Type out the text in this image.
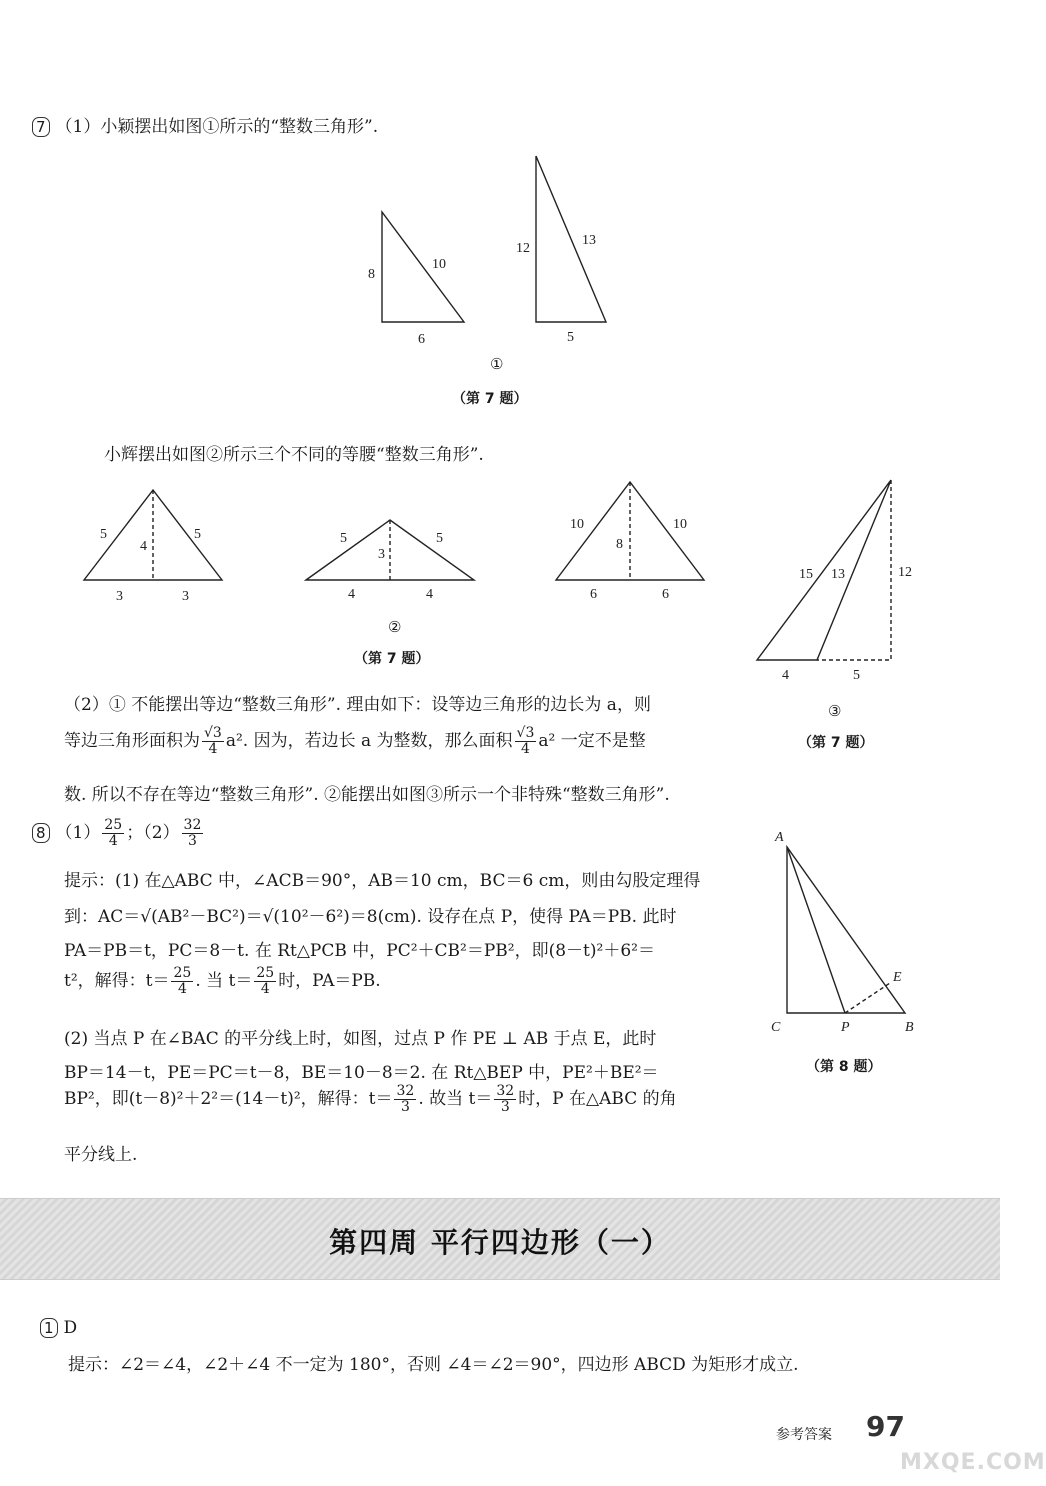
7 （1）小颖摆出如图①所示的“整数三角形”.
8
10
6
12
13
5
①
（第 7 题）
小辉摆出如图②所示三个不同的等腰“整数三角形”.
5	5
4
3	3
5	5
3
4	4
10	10
8
6	6
②
（第 7 题）
15 13	12
4	5
③
（第 7 题）
（2）① 不能摆出等边“整数三角形”. 理由如下：设等边三角形的边长为 a，则
等边三角形面积为 $\frac{√3}{4} a^2$. 因为，若边长 a 为整数，那么面积 $\frac{√3}{4} a^2$ 一定不是整
数. 所以不存在等边“整数三角形”. ②能摆出如图③所示一个非特殊“整数三角形”.
8 $(1) \frac{25}{4}$ ；$(2) \frac{32}{3}$
提示：(1) 在△ABC 中，∠ACB＝90°，AB＝10 cm，BC＝6 cm，则由勾股定理得
到：AC＝√(AB²－BC²)＝√(10²－6²)＝8(cm). 设存在点 P，使得 PA＝PB. 此时
PA＝PB＝t，PC＝8－t. 在 Rt△PCB 中，PC²＋CB²＝PB²，即(8－t)²＋6²＝
t²，解得：$t= \frac{25}{4}$ . 当 $t= \frac{25}{4}$ 时，PA＝PB.
(2) 当点 P 在∠BAC 的平分线上时，如图，过点 P 作 PE ⊥ AB 于点 E，此时
BP＝14－t，PE＝PC＝t－8，BE＝10－8＝2. 在 Rt△BEP 中，PE²＋BE²＝
BP²，即(t－8)²＋2²＝(14－t)²，解得：$t= \frac{32}{3}$ . 故当 $t= \frac{32}{3}$ 时，P 在△ABC 的角
平分线上.
A
C	P	B
E
（第 8 题）
第四周 平行四边形（一）
1 D
提示：∠2＝∠4，∠2＋∠4 不一定为 180°，否则 ∠4＝∠2＝90°，四边形 ABCD 为矩形才成立.
参考答案 97
MXQE.COM
